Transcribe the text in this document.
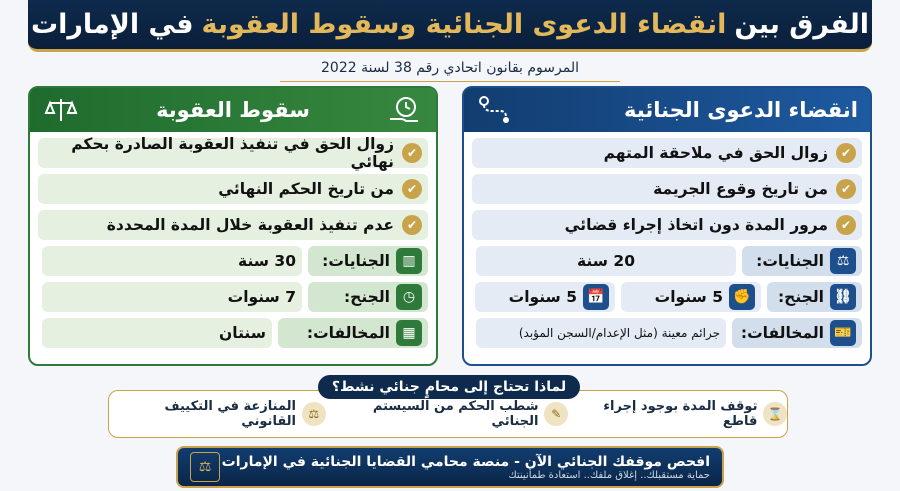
الفرق بين
انقضاء الدعوى الجنائية وسقوط العقوبة
في الإمارات
المرسوم بقانون اتحادي رقم 38 لسنة 2022
انقضاء الدعوى الجنائية
✔
زوال الحق في ملاحقة المتهم
✔
من تاريخ وقوع الجريمة
✔
مرور المدة دون اتخاذ إجراء قضائي
⚖
الجنايات:
20 سنة
⛓
الجنح:
✊
5 سنوات
📅
5 سنوات
🎫
المخالفات:
جرائم معينة (مثل الإعدام/السجن المؤبد)
سقوط العقوبة
✔
زوال الحق في تنفيذ العقوبة الصادرة بحكم نهائي
✔
من تاريخ الحكم النهائي
✔
عدم تنفيذ العقوبة خلال المدة المحددة
▥
الجنايات:
30 سنة
◷
الجنح:
7 سنوات
▦
المخالفات:
سنتان
⌛
توقف المدة بوجود إجراء قاطع
✎
شطب الحكم من السيستم الجنائي
⚖
المنازعة في التكييف القانوني
لماذا تحتاج إلى محامٍ جنائي نشط؟
افحص موقفك الجنائي الآن - منصة محامي القضايا الجنائية في الإمارات
حماية مستقبلك.. إغلاق ملفك.. استعادة طمأنينتك
⚖
